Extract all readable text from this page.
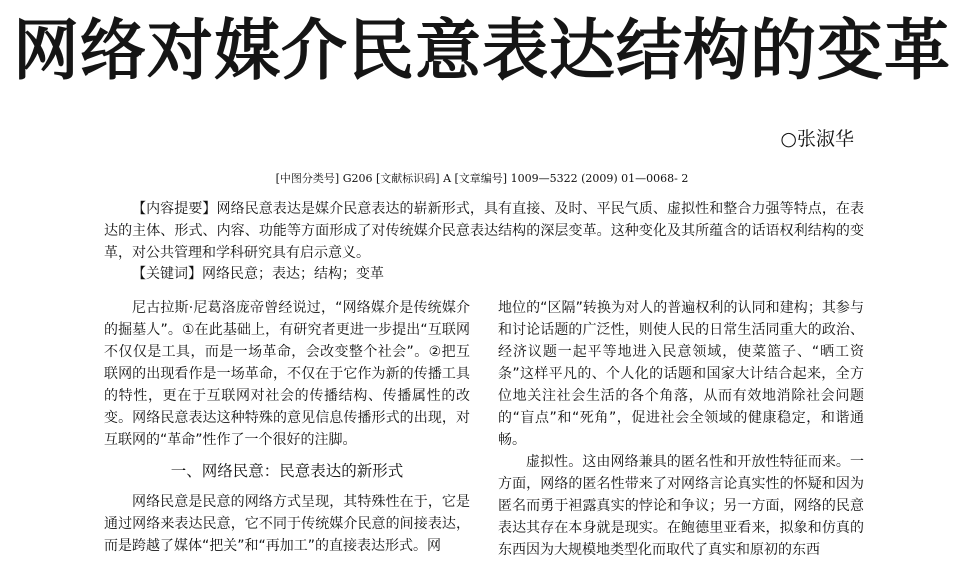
网络对媒介民意表达结构的变革
○张淑华
[中图分类号] G206 [文献标识码] A [文章编号] 1009—5322 (2009) 01—0068- 2
【内容提要】网络民意表达是媒介民意表达的崭新形式，具有直接、及时、平民气质、虚拟性和整合力强等特点，在表达的主体、形式、内容、功能等方面形成了对传统媒介民意表达结构的深层变革。这种变化及其所蕴含的话语权利结构的变革，对公共管理和学科研究具有启示意义。
【关键词】网络民意；表达；结构；变革

尼古拉斯·尼葛洛庞帝曾经说过，“网络媒介是传统媒介的掘墓人”。①在此基础上，有研究者更进一步提出“互联网不仅仅是工具，而是一场革命，会改变整个社会”。②把互联网的出现看作是一场革命，不仅在于它作为新的传播工具的特性，更在于互联网对社会的传播结构、传播属性的改变。网络民意表达这种特殊的意见信息传播形式的出现，对互联网的“革命”性作了一个很好的注脚。

一、网络民意：民意表达的新形式

网络民意是民意的网络方式呈现，其特殊性在于，它是通过网络来表达民意，它不同于传统媒介民意的间接表达，而是跨越了媒体“把关”和“再加工”的直接表达形式。网

地位的“区隔”转换为对人的普遍权利的认同和建构；其参与和讨论话题的广泛性，则使人民的日常生活同重大的政治、经济议题一起平等地进入民意领域，使菜篮子、“晒工资条”这样平凡的、个人化的话题和国家大计结合起来，全方位地关注社会生活的各个角落，从而有效地消除社会问题的“盲点”和“死角”，促进社会全领域的健康稳定，和谐通畅。

虚拟性。这由网络兼具的匿名性和开放性特征而来。一方面，网络的匿名性带来了对网络言论真实性的怀疑和因为匿名而勇于袒露真实的悖论和争议；另一方面，网络的民意表达其存在本身就是现实。在鲍德里亚看来，拟象和仿真的东西因为大规模地类型化而取代了真实和原初的东西
